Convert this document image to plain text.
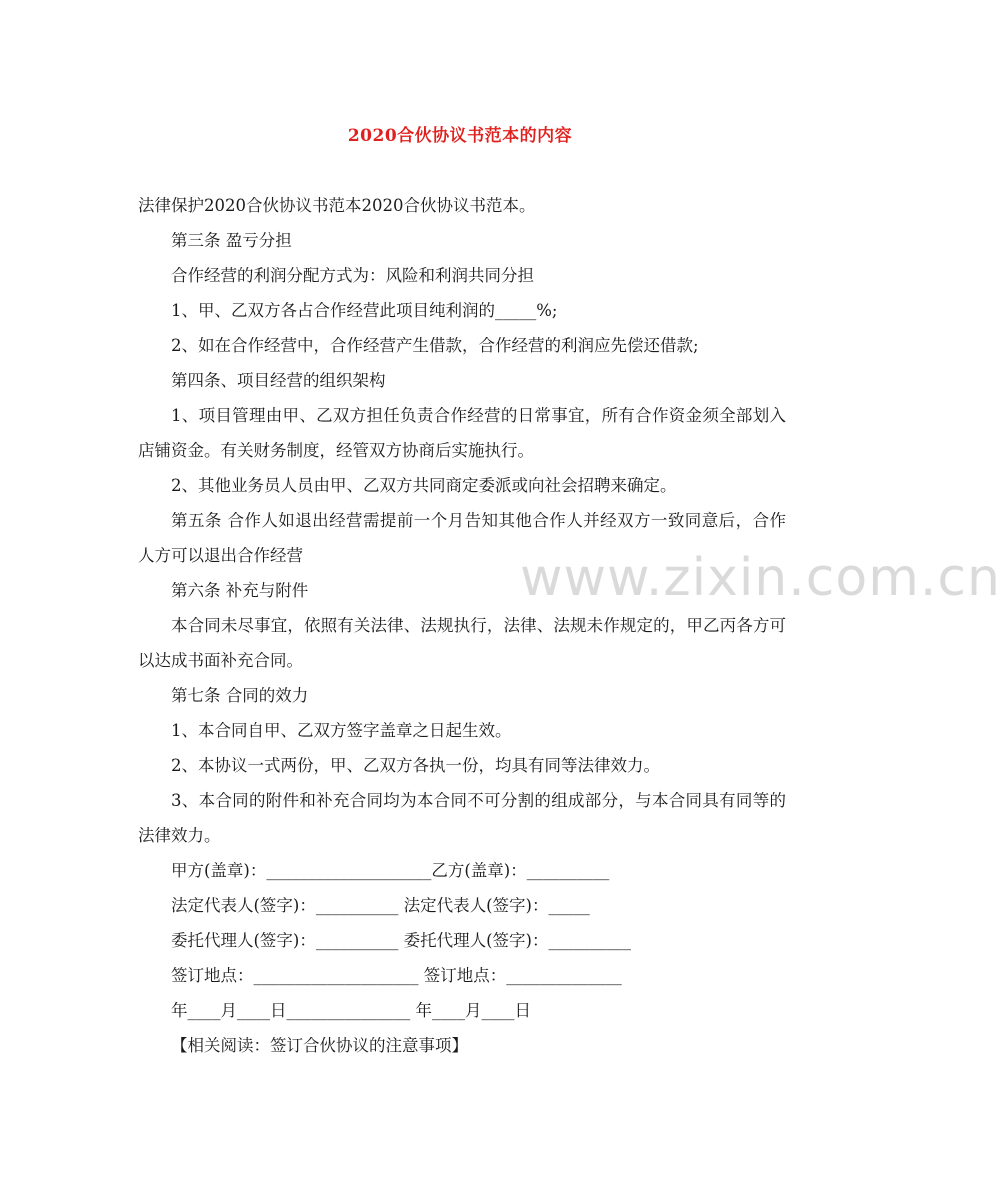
2020合伙协议书范本的内容

法律保护2020合伙协议书范本2020合伙协议书范本。

第三条 盈亏分担

合作经营的利润分配方式为：风险和利润共同分担

1、甲、乙双方各占合作经营此项目纯利润的_____%;

2、如在合作经营中，合作经营产生借款，合作经营的利润应先偿还借款;

第四条、项目经营的组织架构

1、项目管理由甲、乙双方担任负责合作经营的日常事宜，所有合作资金须全部划入店铺资金。有关财务制度，经管双方协商后实施执行。

2、其他业务员人员由甲、乙双方共同商定委派或向社会招聘来确定。

第五条 合作人如退出经营需提前一个月告知其他合作人并经双方一致同意后，合作人方可以退出合作经营

第六条 补充与附件

本合同未尽事宜，依照有关法律、法规执行，法律、法规未作规定的，甲乙丙各方可以达成书面补充合同。

第七条 合同的效力

1、本合同自甲、乙双方签字盖章之日起生效。

2、本协议一式两份，甲、乙双方各执一份，均具有同等法律效力。

3、本合同的附件和补充合同均为本合同不可分割的组成部分，与本合同具有同等的法律效力。

甲方(盖章)：____________________乙方(盖章)：__________

法定代表人(签字)：__________ 法定代表人(签字)：_____

委托代理人(签字)：__________ 委托代理人(签字)：__________

签订地点：____________________ 签订地点：______________

年____月____日_______________ 年____月____日

【相关阅读：签订合伙协议的注意事项】

www.zixin.com.cn
